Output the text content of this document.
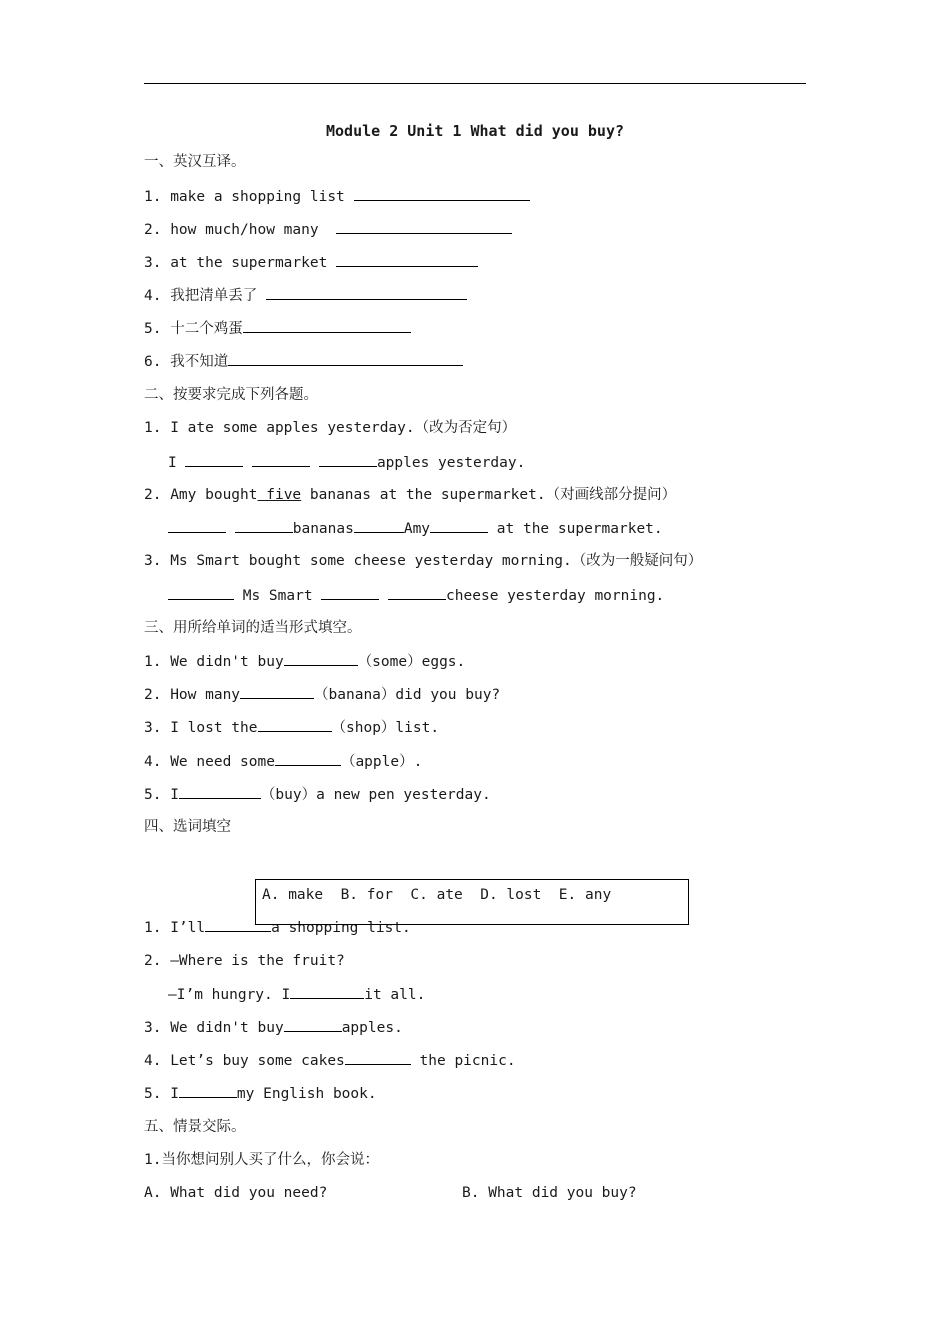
Module 2 Unit 1 What did you buy?
一、英汉互译。
1. make a shopping list
2. how much/how many
3. at the supermarket
4. 我把清单丢了
5. 十二个鸡蛋
6. 我不知道
二、按要求完成下列各题。
1. I ate some apples yesterday.（改为否定句）
I	apples yesterday.
2. Amy bought five bananas at the supermarket.（对画线部分提问）
bananas	Amy	at the supermarket.
3. Ms Smart bought some cheese yesterday morning.（改为一般疑问句）
Ms Smart	cheese yesterday morning.
三、用所给单词的适当形式填空。
1. We didn't buy	（some）eggs.
2. How many	（banana）did you buy?
3. I lost the	（shop）list.
4. We need some	（apple）.
5. I	（buy）a new pen yesterday.
四、选词填空
1. I’ll	a shopping list.
A. make  B. for  C. ate  D. lost  E. any
2. —Where is the fruit?
—I’m hungry. I	it all.
3. We didn't buy	apples.
4. Let’s buy some cakes	the picnic.
5. I	my English book.
五、情景交际。
1.当你想问别人买了什么，你会说：
A. What did you need?	B. What did you buy?
